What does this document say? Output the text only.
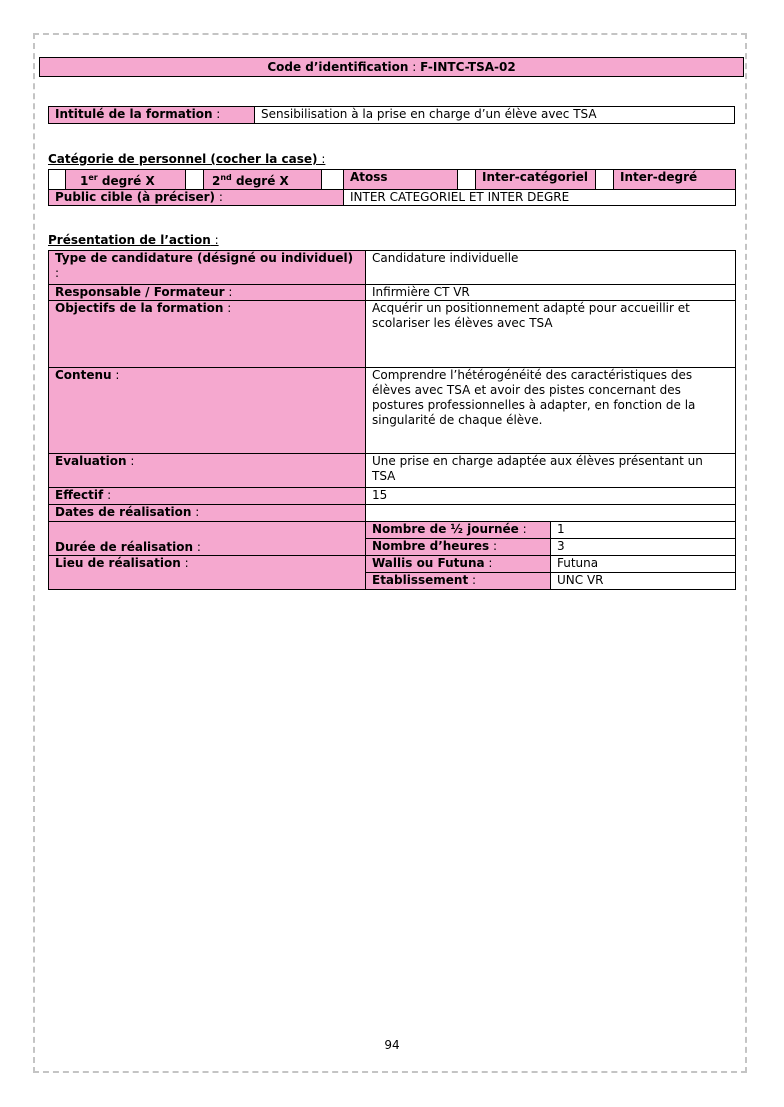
Code d’identification : F-INTC-TSA-02
Intitulé de la formation :	Sensibilisation à la prise en charge d’un élève avec TSA
Catégorie de personnel (cocher la case) :
	1er degré X		2nd degré X		Atoss		Inter-catégoriel		Inter-degré
Public cible (à préciser) :					INTER CATEGORIEL ET INTER DEGRE				
Présentation de l’action :
Type de candidature (désigné ou individuel) :	Candidature individuelle	
Responsable / Formateur :	Infirmière CT VR	
Objectifs de la formation :	Acquérir un positionnement adapté pour accueillir et scolariser les élèves avec TSA	
Contenu :	Comprendre l’hétérogénéité des caractéristiques des élèves avec TSA et avoir des pistes concernant des postures professionnelles à adapter, en fonction de la singularité de chaque élève.	
Evaluation :	Une prise en charge adaptée aux élèves présentant un TSA	
Effectif :	15	
Dates de réalisation :		
Durée de réalisation :	Nombre de ½ journée :	1
	Nombre d’heures :	3
Lieu de réalisation :	Wallis ou Futuna :	Futuna
	Etablissement :	UNC VR
94
